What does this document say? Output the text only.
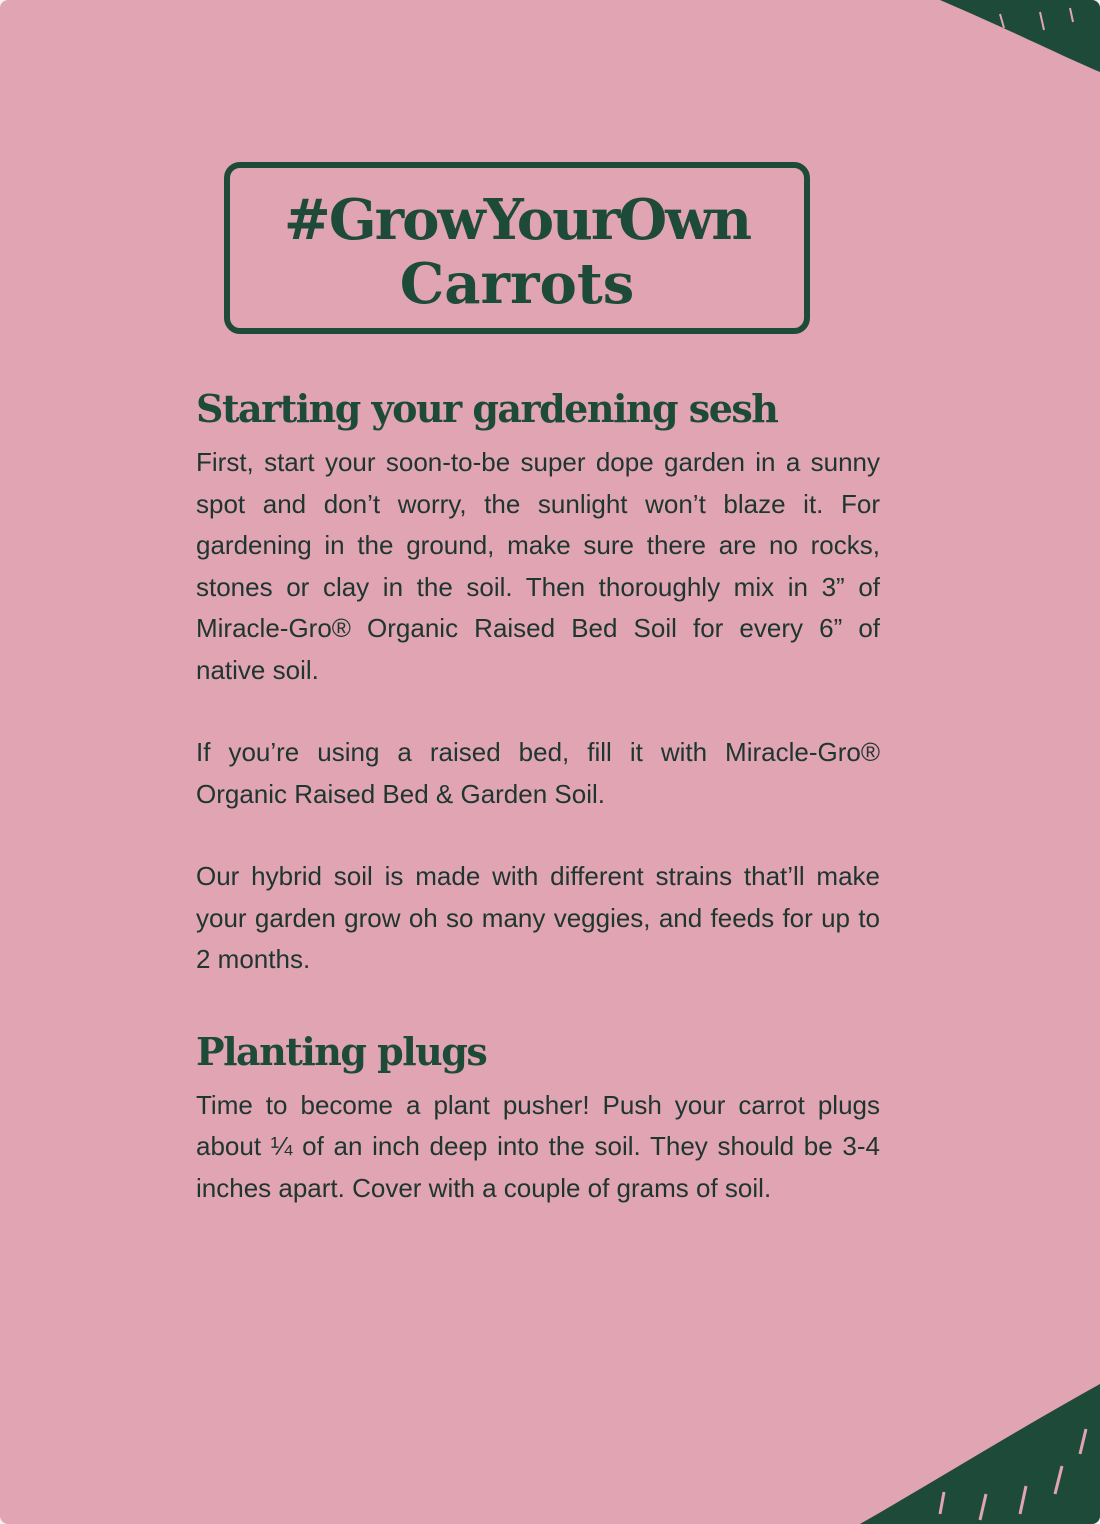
#GrowYourOwn
Carrots
Starting your gardening sesh

First, start your soon-to-be super dope garden in a sunny spot and don’t worry, the sunlight won’t blaze it. For gardening in the ground, make sure there are no rocks, stones or clay in the soil. Then thoroughly mix in 3” of Miracle-Gro® Organic Raised Bed Soil for every 6” of native soil.

If you’re using a raised bed, fill it with Miracle-Gro® Organic Raised Bed & Garden Soil.

Our hybrid soil is made with different strains that’ll make your garden grow oh so many veggies, and feeds for up to 2 months.

Planting plugs

Time to become a plant pusher! Push your carrot plugs about ¼ of an inch deep into the soil. They should be 3-4 inches apart. Cover with a couple of grams of soil.
